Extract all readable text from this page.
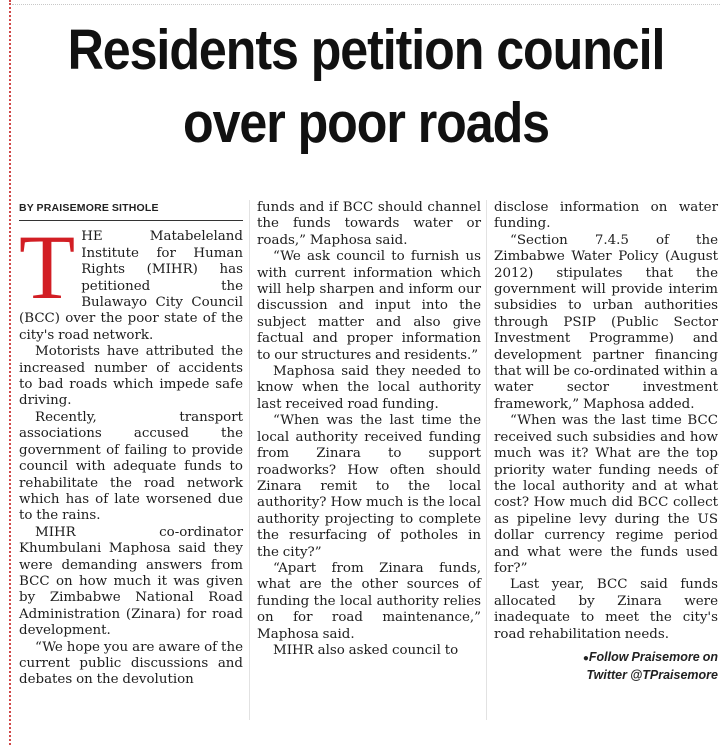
Residents petition council over poor roads
BY PRAISEMORE SITHOLE

THE Matabeleland Institute for Human Rights (MIHR) has petitioned the Bulawayo City Council (BCC) over the poor state of the city's road network.

Motorists have attributed the increased number of accidents to bad roads which impede safe driving.

Recently, transport associations accused the government of failing to provide council with adequate funds to rehabilitate the road network which has of late worsened due to the rains.

MIHR co-ordinator Khumbulani Maphosa said they were demanding answers from BCC on how much it was given by Zimbabwe National Road Administration (Zinara) for road development.

“We hope you are aware of the current public discussions and debates on the devolution

funds and if BCC should channel the funds towards water or roads,” Maphosa said.

“We ask council to furnish us with current information which will help sharpen and inform our discussion and input into the subject matter and also give factual and proper information to our structures and residents.”

Maphosa said they needed to know when the local authority last received road funding.

“When was the last time the local authority received funding from Zinara to support roadworks? How often should Zinara remit to the local authority? How much is the local authority projecting to complete the resurfacing of potholes in the city?”

“Apart from Zinara funds, what are the other sources of funding the local authority relies on for road maintenance,” Maphosa said.

MIHR also asked council to

disclose information on water funding.

“Section 7.4.5 of the Zimbabwe Water Policy (August 2012) stipulates that the government will provide interim subsidies to urban authorities through PSIP (Public Sector Investment Programme) and development partner financing that will be co-ordinated within a water sector investment framework,” Maphosa added.

“When was the last time BCC received such subsidies and how much was it? What are the top priority water funding needs of the local authority and at what cost? How much did BCC collect as pipeline levy during the US dollar currency regime period and what were the funds used for?”

Last year, BCC said funds allocated by Zinara were inadequate to meet the city's road rehabilitation needs.

●Follow Praisemore on
Twitter @TPraisemore
